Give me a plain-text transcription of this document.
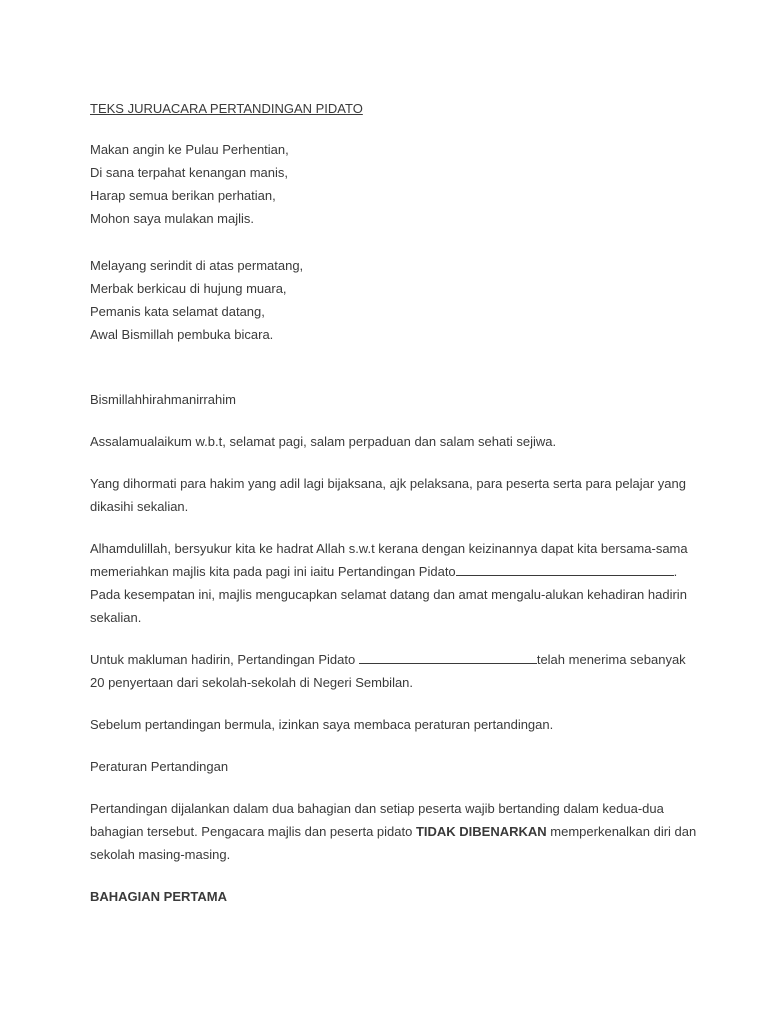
TEKS JURUACARA PERTANDINGAN PIDATO
Makan angin ke Pulau Perhentian,
Di sana terpahat kenangan manis,
Harap semua berikan perhatian,
Mohon saya mulakan majlis.
Melayang serindit di atas permatang,
Merbak berkicau di hujung muara,
Pemanis kata selamat datang,
Awal Bismillah pembuka bicara.

Bismillahhirahmanirrahim

Assalamualaikum w.b.t, selamat pagi, salam perpaduan dan salam sehati sejiwa.

Yang dihormati para hakim yang adil lagi bijaksana, ajk pelaksana, para peserta serta para pelajar yang
dikasihi sekalian.

Alhamdulillah, bersyukur kita ke hadrat Allah s.w.t kerana dengan keizinannya dapat kita bersama-sama
memeriahkan majlis kita pada pagi ini iaitu Pertandingan Pidato	.
Pada kesempatan ini, majlis mengucapkan selamat datang dan amat mengalu-alukan kehadiran hadirin
sekalian.

Untuk makluman hadirin, Pertandingan Pidato	telah menerima sebanyak
20 penyertaan dari sekolah-sekolah di Negeri Sembilan.

Sebelum pertandingan bermula, izinkan saya membaca peraturan pertandingan.

Peraturan Pertandingan

Pertandingan dijalankan dalam dua bahagian dan setiap peserta wajib bertanding dalam kedua-dua
bahagian tersebut. Pengacara majlis dan peserta pidato TIDAK DIBENARKAN memperkenalkan diri dan
sekolah masing-masing.

BAHAGIAN PERTAMA
